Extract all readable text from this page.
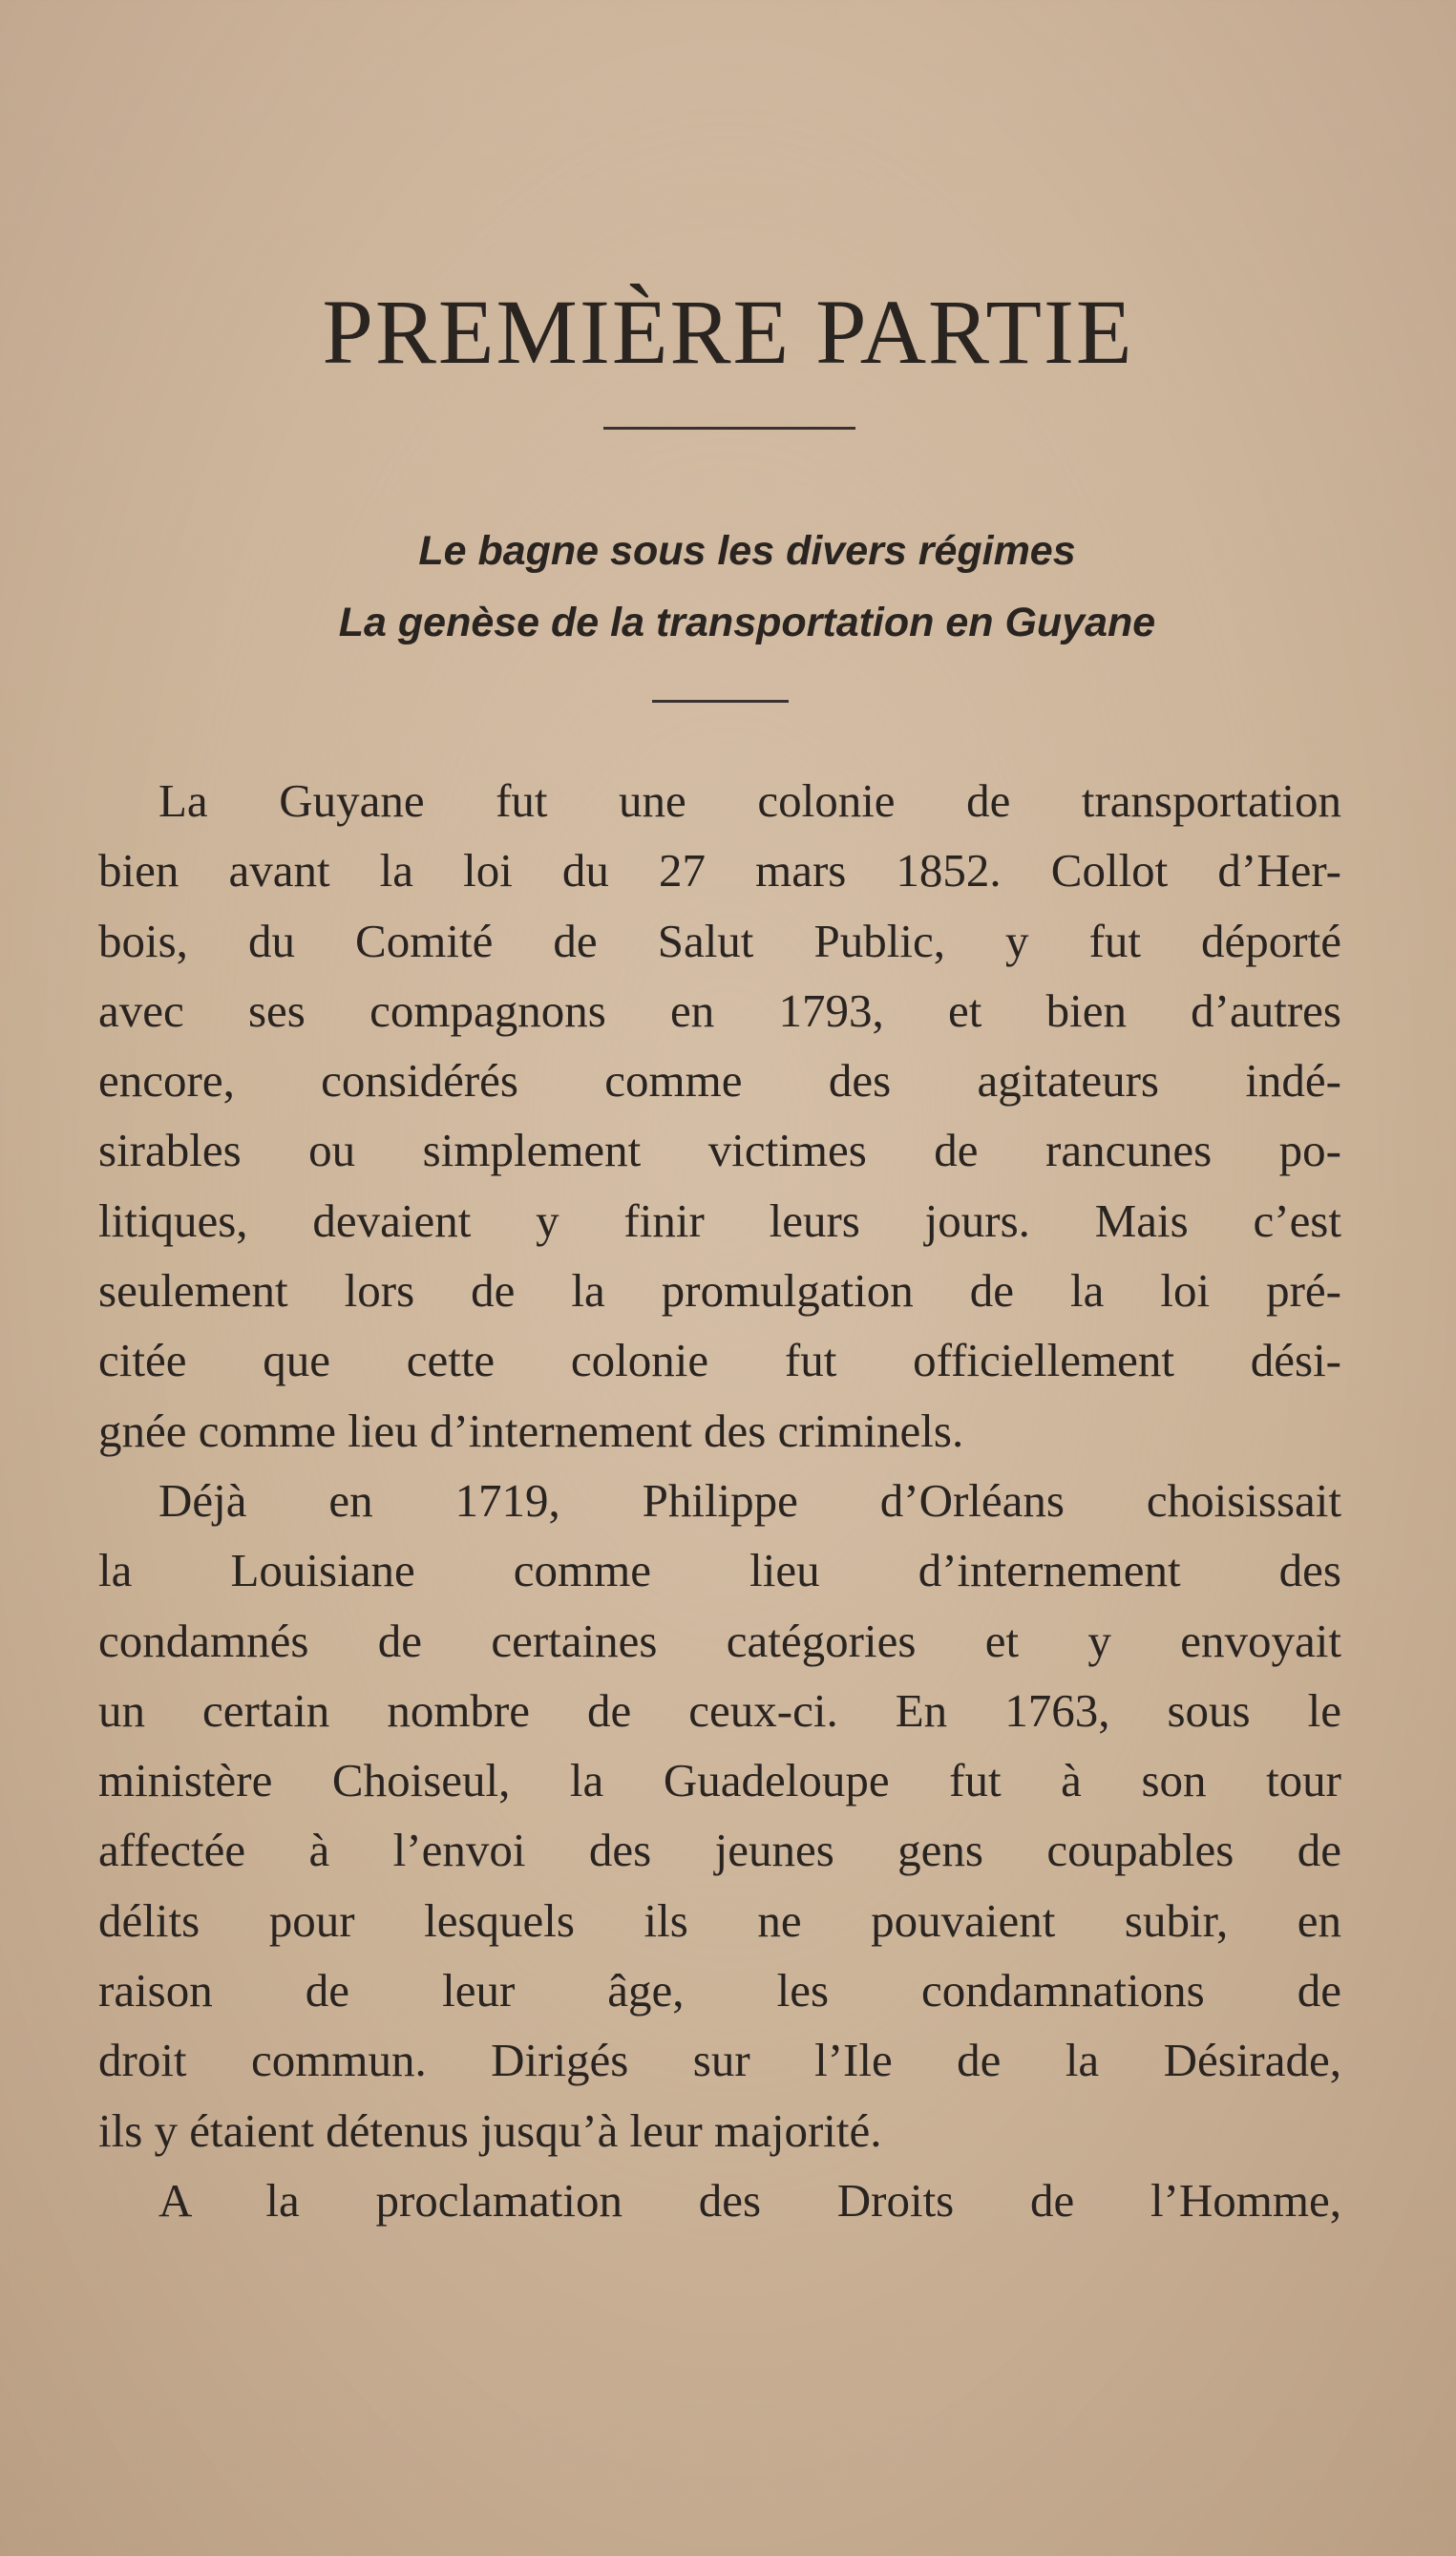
PREMIÈRE PARTIE

Le bagne sous les divers régimes

La genèse de la transportation en Guyane

La Guyane fut une colonie de transportation
bien avant la loi du 27 mars 1852. Collot d’Her-
bois, du Comité de Salut Public, y fut déporté
avec ses compagnons en 1793, et bien d’autres
encore, considérés comme des agitateurs indé-
sirables ou simplement victimes de rancunes po-
litiques, devaient y finir leurs jours. Mais c’est
seulement lors de la promulgation de la loi pré-
citée que cette colonie fut officiellement dési-
gnée comme lieu d’internement des criminels.
Déjà en 1719, Philippe d’Orléans choisissait
la Louisiane comme lieu d’internement des
condamnés de certaines catégories et y envoyait
un certain nombre de ceux-ci. En 1763, sous le
ministère Choiseul, la Guadeloupe fut à son tour
affectée à l’envoi des jeunes gens coupables de
délits pour lesquels ils ne pouvaient subir, en
raison de leur âge, les condamnations de
droit commun. Dirigés sur l’Ile de la Désirade,
ils y étaient détenus jusqu’à leur majorité.
A la proclamation des Droits de l’Homme,
